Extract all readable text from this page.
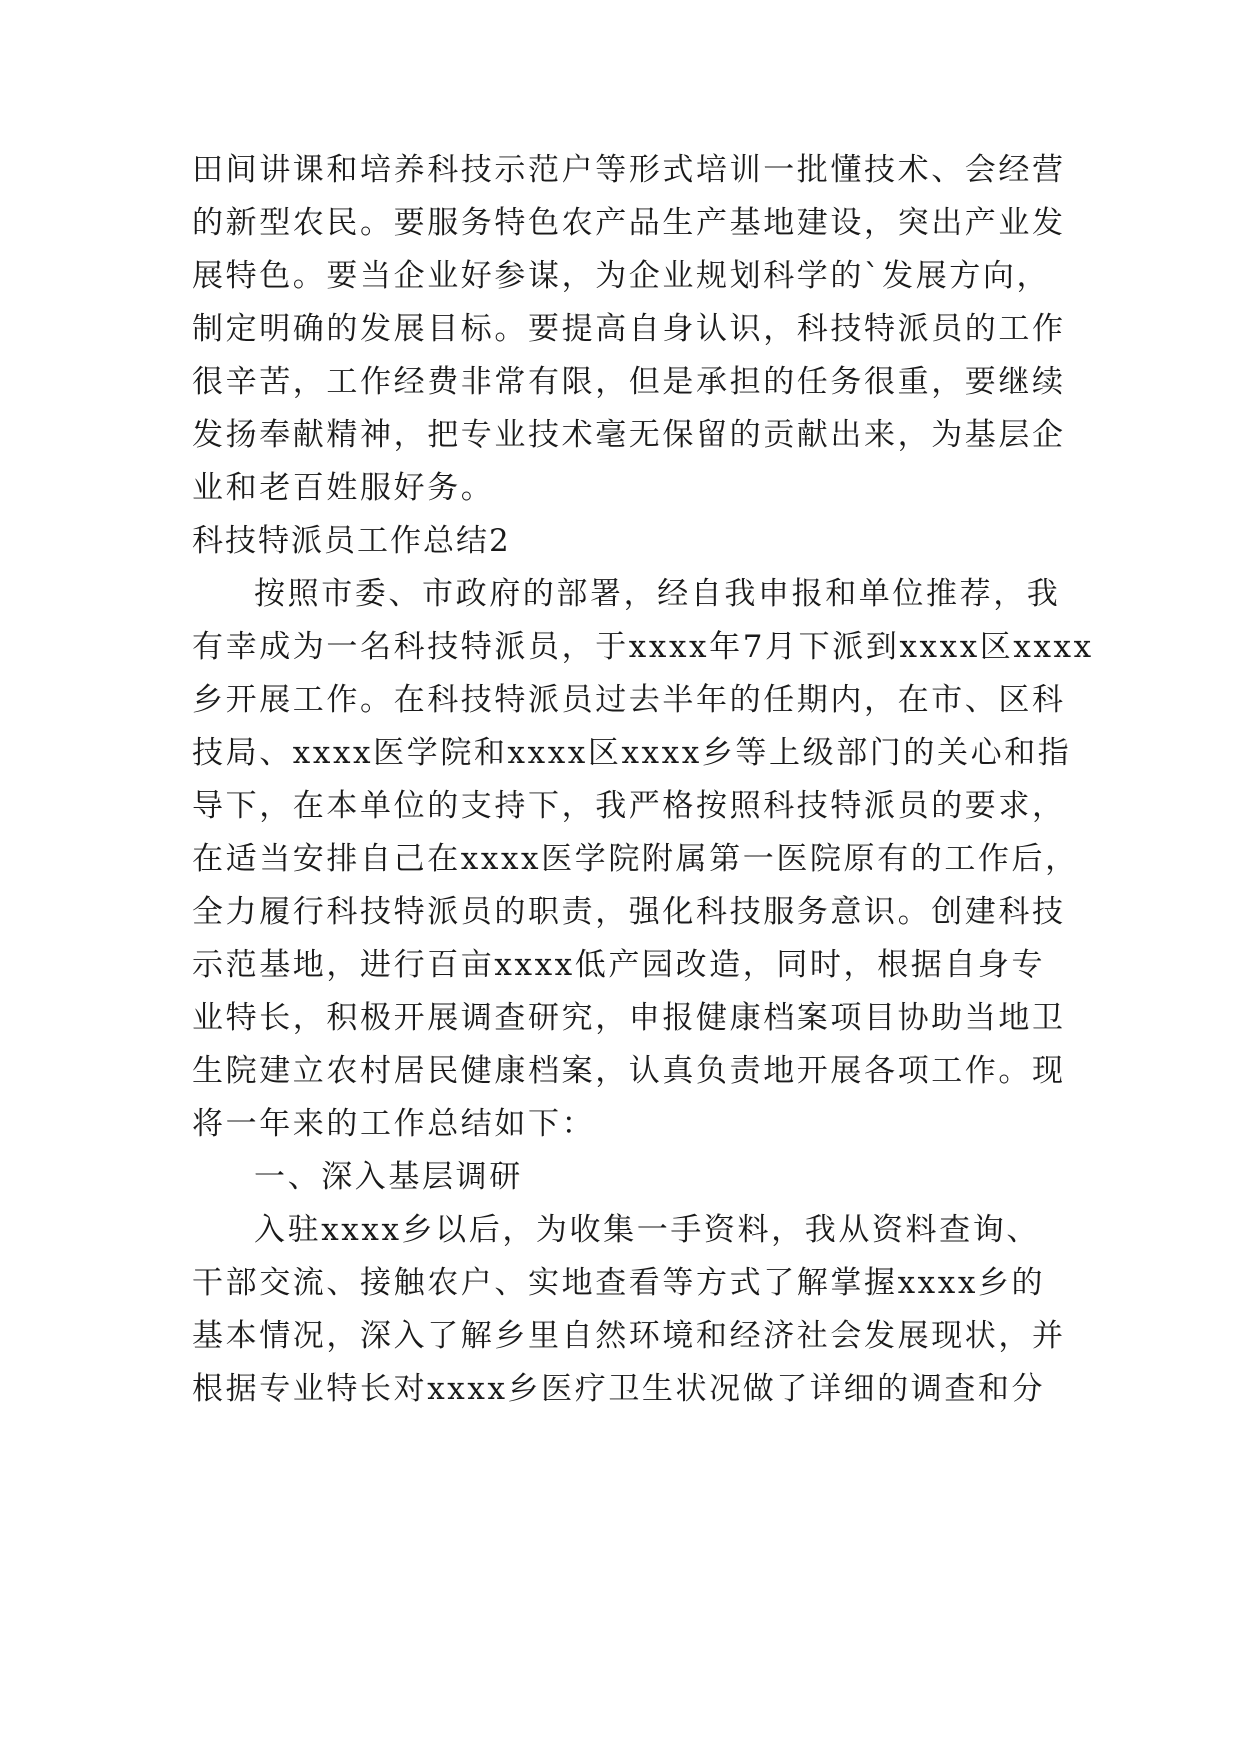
田间讲课和培养科技示范户等形式培训一批懂技术、会经营
的新型农民。要服务特色农产品生产基地建设，突出产业发
展特色。要当企业好参谋，为企业规划科学的`发展方向，
制定明确的发展目标。要提高自身认识，科技特派员的工作
很辛苦，工作经费非常有限，但是承担的任务很重，要继续
发扬奉献精神，把专业技术毫无保留的贡献出来，为基层企
业和老百姓服好务。
科技特派员工作总结2
按照市委、市政府的部署，经自我申报和单位推荐，我
有幸成为一名科技特派员，于xxxx年7月下派到xxxx区xxxx
乡开展工作。在科技特派员过去半年的任期内，在市、区科
技局、xxxx医学院和xxxx区xxxx乡等上级部门的关心和指
导下，在本单位的支持下，我严格按照科技特派员的要求，
在适当安排自己在xxxx医学院附属第一医院原有的工作后，
全力履行科技特派员的职责，强化科技服务意识。创建科技
示范基地，进行百亩xxxx低产园改造，同时，根据自身专
业特长，积极开展调查研究，申报健康档案项目协助当地卫
生院建立农村居民健康档案，认真负责地开展各项工作。现
将一年来的工作总结如下：
一、深入基层调研
入驻xxxx乡以后，为收集一手资料，我从资料查询、
干部交流、接触农户、实地查看等方式了解掌握xxxx乡的
基本情况，深入了解乡里自然环境和经济社会发展现状，并
根据专业特长对xxxx乡医疗卫生状况做了详细的调查和分
